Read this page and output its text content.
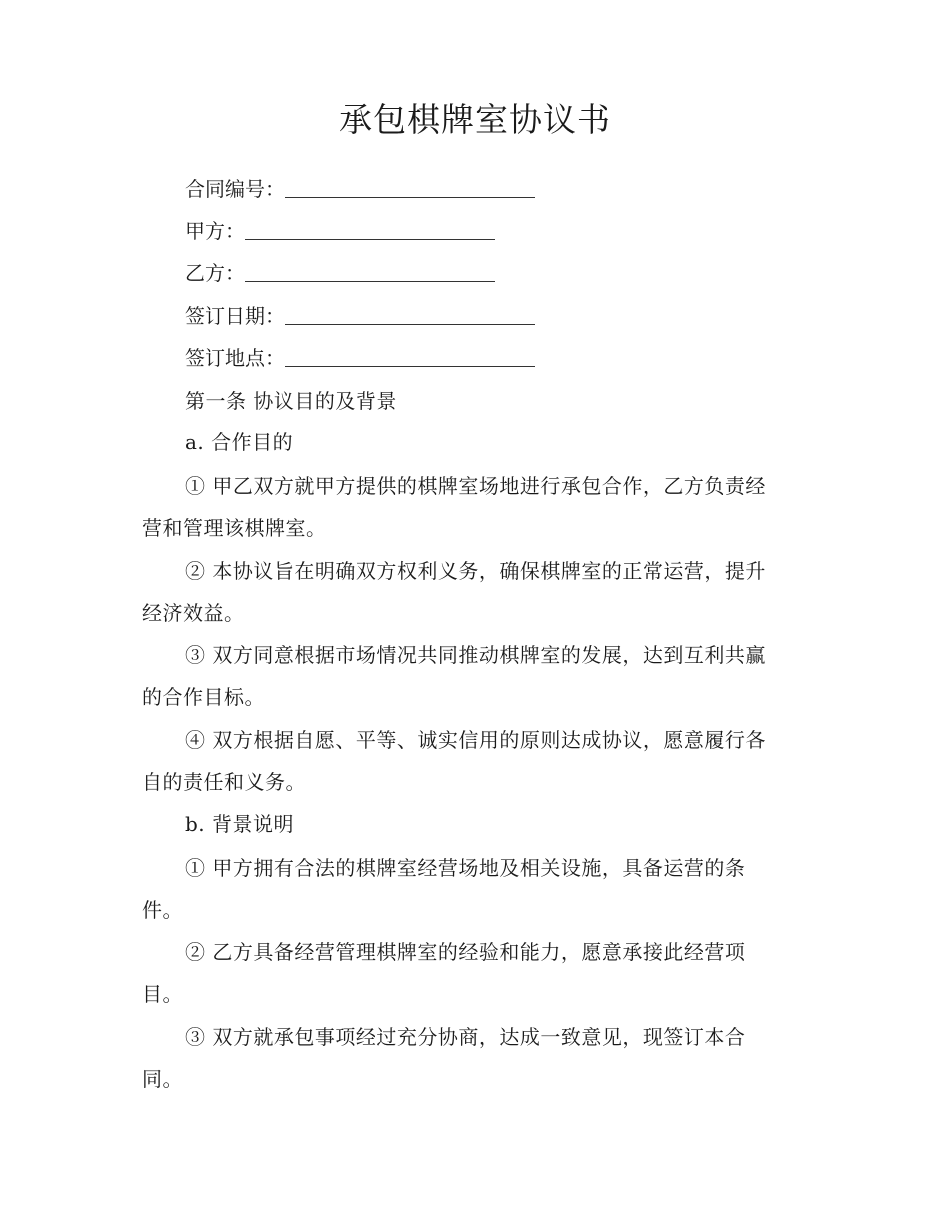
承包棋牌室协议书
合同编号：
甲方：
乙方：
签订日期：
签订地点：
第一条 协议目的及背景
a. 合作目的
① 甲乙双方就甲方提供的棋牌室场地进行承包合作，乙方负责经
营和管理该棋牌室。
② 本协议旨在明确双方权利义务，确保棋牌室的正常运营，提升
经济效益。
③ 双方同意根据市场情况共同推动棋牌室的发展，达到互利共赢
的合作目标。
④ 双方根据自愿、平等、诚实信用的原则达成协议，愿意履行各
自的责任和义务。
b. 背景说明
① 甲方拥有合法的棋牌室经营场地及相关设施，具备运营的条
件。
② 乙方具备经营管理棋牌室的经验和能力，愿意承接此经营项
目。
③ 双方就承包事项经过充分协商，达成一致意见，现签订本合
同。
